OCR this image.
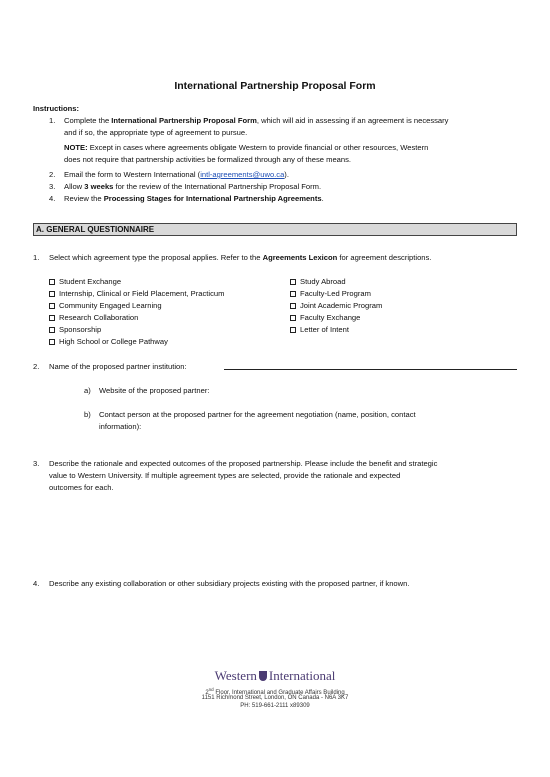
International Partnership Proposal Form
Instructions:
1. Complete the International Partnership Proposal Form, which will aid in assessing if an agreement is necessary
and if so, the appropriate type of agreement to pursue.
NOTE: Except in cases where agreements obligate Western to provide financial or other resources, Western
does not require that partnership activities be formalized through any of these means.
2. Email the form to Western International (intl-agreements@uwo.ca).
3. Allow 3 weeks for the review of the International Partnership Proposal Form.
4. Review the Processing Stages for International Partnership Agreements.
A. GENERAL QUESTIONNAIRE
1. Select which agreement type the proposal applies. Refer to the Agreements Lexicon for agreement descriptions.
Student Exchange
Internship, Clinical or Field Placement, Practicum
Community Engaged Learning
Research Collaboration
Sponsorship
High School or College Pathway
Study Abroad
Faculty-Led Program
Joint Academic Program
Faculty Exchange
Letter of Intent
2. Name of the proposed partner institution:
a) Website of the proposed partner:
b) Contact person at the proposed partner for the agreement negotiation (name, position, contact
information):
3. Describe the rationale and expected outcomes of the proposed partnership. Please include the benefit and strategic
value to Western University. If multiple agreement types are selected, provide the rationale and expected
outcomes for each.
4. Describe any existing collaboration or other subsidiary projects existing with the proposed partner, if known.
Western International
2nd Floor, International and Graduate Affairs Building
1151 Richmond Street, London, ON Canada - N6A 3K7
PH: 519-661-2111 x89309
